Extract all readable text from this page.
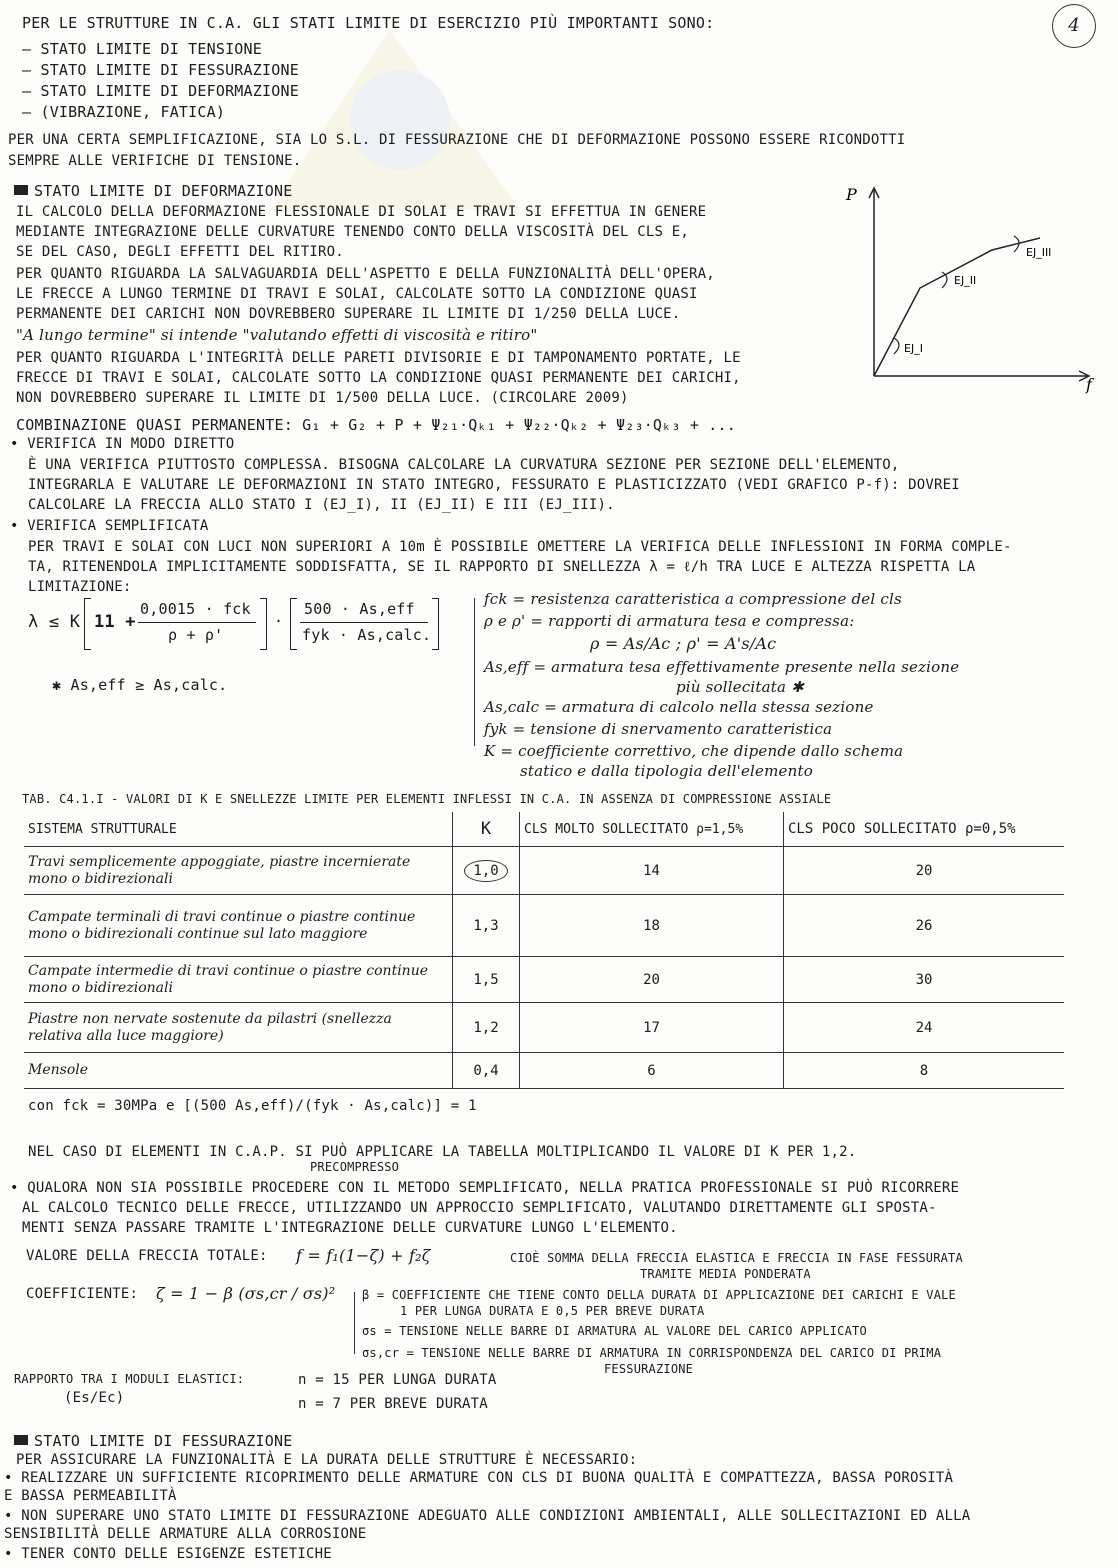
4
PER LE STRUTTURE IN C.A. GLI STATI LIMITE DI ESERCIZIO PIÙ IMPORTANTI SONO:
– STATO LIMITE DI TENSIONE
– STATO LIMITE DI FESSURAZIONE
– STATO LIMITE DI DEFORMAZIONE
– (VIBRAZIONE, FATICA)
PER UNA CERTA SEMPLIFICAZIONE, SIA LO S.L. DI FESSURAZIONE CHE DI DEFORMAZIONE POSSONO ESSERE RICONDOTTI
SEMPRE ALLE VERIFICHE DI TENSIONE.
STATO LIMITE DI DEFORMAZIONE
IL CALCOLO DELLA DEFORMAZIONE FLESSIONALE DI SOLAI E TRAVI SI EFFETTUA IN GENERE
MEDIANTE INTEGRAZIONE DELLE CURVATURE TENENDO CONTO DELLA VISCOSITÀ DEL CLS E,
SE DEL CASO, DEGLI EFFETTI DEL RITIRO.
PER QUANTO RIGUARDA LA SALVAGUARDIA DELL'ASPETTO E DELLA FUNZIONALITÀ DELL'OPERA,
LE FRECCE A LUNGO TERMINE DI TRAVI E SOLAI, CALCOLATE SOTTO LA CONDIZIONE QUASI
PERMANENTE DEI CARICHI NON DOVREBBERO SUPERARE IL LIMITE DI 1/250 DELLA LUCE.
"A lungo termine" si intende "valutando effetti di viscosità e ritiro"
PER QUANTO RIGUARDA L'INTEGRITÀ DELLE PARETI DIVISORIE E DI TAMPONAMENTO PORTATE, LE
FRECCE DI TRAVI E SOLAI, CALCOLATE SOTTO LA CONDIZIONE QUASI PERMANENTE DEI CARICHI,
NON DOVREBBERO SUPERARE IL LIMITE DI 1/500 DELLA LUCE. (CIRCOLARE 2009)
COMBINAZIONE QUASI PERMANENTE: G₁ + G₂ + P + Ψ₂₁·Qₖ₁ + Ψ₂₂·Qₖ₂ + Ψ₂₃·Qₖ₃ + ...
P
f
EJ_I
EJ_II
EJ_III
• VERIFICA IN MODO DIRETTO
È UNA VERIFICA PIUTTOSTO COMPLESSA. BISOGNA CALCOLARE LA CURVATURA SEZIONE PER SEZIONE DELL'ELEMENTO,
INTEGRARLA E VALUTARE LE DEFORMAZIONI IN STATO INTEGRO, FESSURATO E PLASTICIZZATO (VEDI GRAFICO P-f): DOVREI
CALCOLARE LA FRECCIA ALLO STATO I (EJ_I), II (EJ_II) E III (EJ_III).
• VERIFICA SEMPLIFICATA
PER TRAVI E SOLAI CON LUCI NON SUPERIORI A 10m È POSSIBILE OMETTERE LA VERIFICA DELLE INFLESSIONI IN FORMA COMPLE-
TA, RITENENDOLA IMPLICITAMENTE SODDISFATTA, SE IL RAPPORTO DI SNELLEZZA λ = ℓ/h TRA LUCE E ALTEZZA RISPETTA LA
LIMITAZIONE:
λ ≤ K 11 +
0,0015 · fck
ρ + ρ'
·
500 · As,eff
fyk · As,calc.
✱ As,eff ≥ As,calc.
fck = resistenza caratteristica a compressione del cls
ρ e ρ' = rapporti di armatura tesa e compressa:
ρ = As/Ac ; ρ' = A's/Ac
As,eff = armatura tesa effettivamente presente nella sezione
più sollecitata ✱
As,calc = armatura di calcolo nella stessa sezione
fyk = tensione di snervamento caratteristica
K = coefficiente correttivo, che dipende dallo schema
statico e dalla tipologia dell'elemento
TAB. C4.1.I - VALORI DI K E SNELLEZZE LIMITE PER ELEMENTI INFLESSI IN C.A. IN ASSENZA DI COMPRESSIONE ASSIALE
SISTEMA STRUTTURALE	K	CLS MOLTO SOLLECITATO ρ=1,5%	CLS POCO SOLLECITATO ρ=0,5%
Travi semplicemente appoggiate, piastre incernierate mono o bidirezionali	1,0	14	20
Campate terminali di travi continue o piastre continue mono o bidirezionali continue sul lato maggiore	1,3	18	26
Campate intermedie di travi continue o piastre continue mono o bidirezionali	1,5	20	30
Piastre non nervate sostenute da pilastri (snellezza relativa alla luce maggiore)	1,2	17	24
Mensole	0,4	6	8
con fck = 30MPa e [(500 As,eff)/(fyk · As,calc)] = 1
NEL CASO DI ELEMENTI IN C.A.P. SI PUÒ APPLICARE LA TABELLA MOLTIPLICANDO IL VALORE DI K PER 1,2.
PRECOMPRESSO
• QUALORA NON SIA POSSIBILE PROCEDERE CON IL METODO SEMPLIFICATO, NELLA PRATICA PROFESSIONALE SI PUÒ RICORRERE
AL CALCOLO TECNICO DELLE FRECCE, UTILIZZANDO UN APPROCCIO SEMPLIFICATO, VALUTANDO DIRETTAMENTE GLI SPOSTA-
MENTI SENZA PASSARE TRAMITE L'INTEGRAZIONE DELLE CURVATURE LUNGO L'ELEMENTO.
VALORE DELLA FRECCIA TOTALE: f = f₁(1−ζ) + f₂ζ	CIOÈ SOMMA DELLA FRECCIA ELASTICA E FRECCIA IN FASE FESSURATA
TRAMITE MEDIA PONDERATA
COEFFICIENTE: ζ = 1 − β (σs,cr / σs)² β = COEFFICIENTE CHE TIENE CONTO DELLA DURATA DI APPLICAZIONE DEI CARICHI E VALE
1 PER LUNGA DURATA E 0,5 PER BREVE DURATA
σs = TENSIONE NELLE BARRE DI ARMATURA AL VALORE DEL CARICO APPLICATO
σs,cr = TENSIONE NELLE BARRE DI ARMATURA IN CORRISPONDENZA DEL CARICO DI PRIMA
FESSURAZIONE
RAPPORTO TRA I MODULI ELASTICI:
(Es/Ec)
n = 15 PER LUNGA DURATA
n = 7 PER BREVE DURATA
STATO LIMITE DI FESSURAZIONE
PER ASSICURARE LA FUNZIONALITÀ E LA DURATA DELLE STRUTTURE È NECESSARIO:
• REALIZZARE UN SUFFICIENTE RICOPRIMENTO DELLE ARMATURE CON CLS DI BUONA QUALITÀ E COMPATTEZZA, BASSA POROSITÀ
E BASSA PERMEABILITÀ
• NON SUPERARE UNO STATO LIMITE DI FESSURAZIONE ADEGUATO ALLE CONDIZIONI AMBIENTALI, ALLE SOLLECITAZIONI ED ALLA
SENSIBILITÀ DELLE ARMATURE ALLA CORROSIONE
• TENER CONTO DELLE ESIGENZE ESTETICHE
